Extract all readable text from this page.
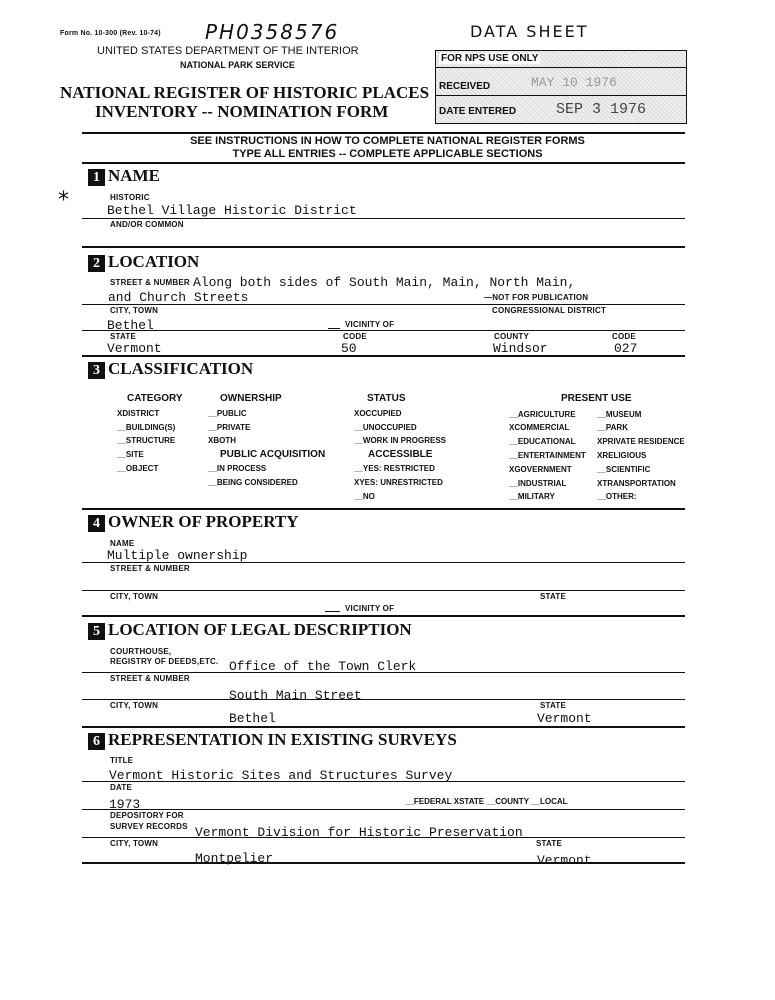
Form No. 10-300 (Rev. 10-74) PH0358576	DATA SHEET
UNITED STATES DEPARTMENT OF THE INTERIOR
NATIONAL PARK SERVICE
NATIONAL REGISTER OF HISTORIC PLACES
INVENTORY -- NOMINATION FORM
FOR NPS USE ONLY
RECEIVED	MAY 10 1976
DATE ENTERED	SEP 3 1976
SEE INSTRUCTIONS IN HOW TO COMPLETE NATIONAL REGISTER FORMS
TYPE ALL ENTRIES -- COMPLETE APPLICABLE SECTIONS
1 NAME
*	HISTORIC
Bethel Village Historic District
AND/OR COMMON
2 LOCATION
STREET & NUMBER Along both sides of South Main, Main, North Main,
and Church Streets	—NOT FOR PUBLICATION
CITY, TOWN	CONGRESSIONAL DISTRICT
Bethel	VICINITY OF
STATE	CODE	COUNTY	CODE
Vermont	50	Windsor	027
3 CLASSIFICATION
CATEGORY	OWNERSHIP	STATUS	PRESENT USE
XDISTRICT
__BUILDING(S)
__STRUCTURE
__SITE
__OBJECT
__PUBLIC
__PRIVATE
XBOTH
PUBLIC ACQUISITION
__IN PROCESS
__BEING CONSIDERED
XOCCUPIED
__UNOCCUPIED
__WORK IN PROGRESS
ACCESSIBLE
__YES: RESTRICTED
XYES: UNRESTRICTED
__NO
__AGRICULTURE
XCOMMERCIAL
__EDUCATIONAL
__ENTERTAINMENT
XGOVERNMENT
__INDUSTRIAL
__MILITARY
__MUSEUM
__PARK
XPRIVATE RESIDENCE
XRELIGIOUS
__SCIENTIFIC
XTRANSPORTATION
__OTHER:
4 OWNER OF PROPERTY
NAME
Multiple ownership
STREET & NUMBER
CITY, TOWN	STATE
VICINITY OF
5 LOCATION OF LEGAL DESCRIPTION
COURTHOUSE,
REGISTRY OF DEEDS,ETC. Office of the Town Clerk
STREET & NUMBER
South Main Street
CITY, TOWN	STATE
Bethel	Vermont
6 REPRESENTATION IN EXISTING SURVEYS
TITLE
Vermont Historic Sites and Structures Survey
DATE
1973	__FEDERAL XSTATE __COUNTY __LOCAL
DEPOSITORY FOR
SURVEY RECORDS Vermont Division for Historic Preservation
CITY, TOWN	STATE
Montpelier	Vermont
